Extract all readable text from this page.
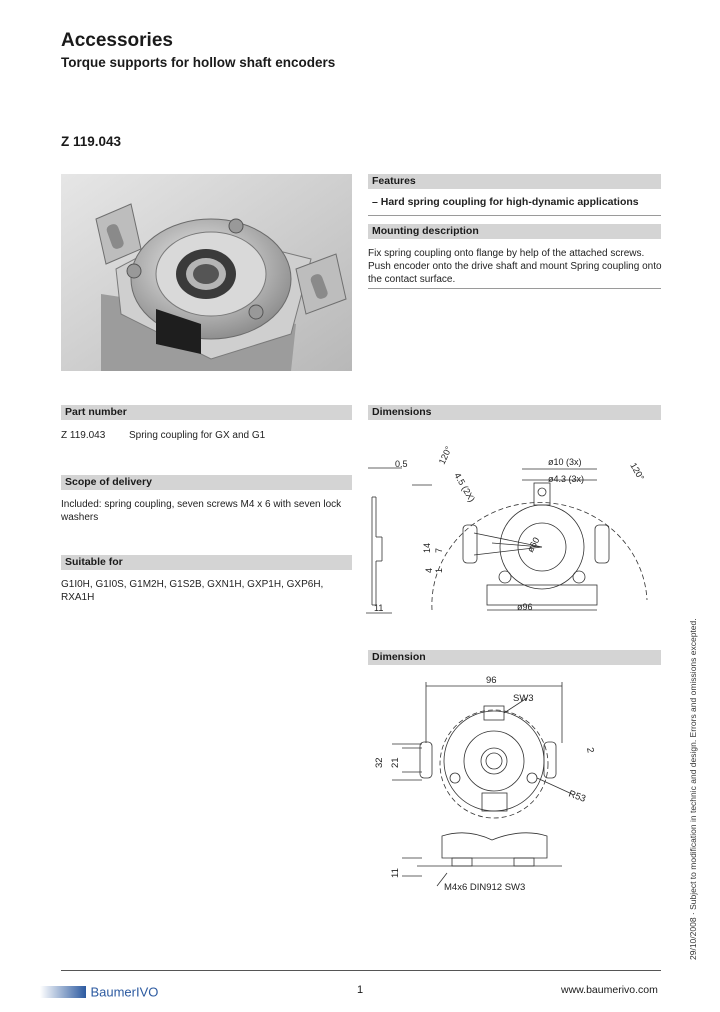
Accessories
Torque supports for hollow shaft encoders
Z 119.043
Features
– Hard spring coupling for high-dynamic applications
Mounting description
Fix spring coupling onto flange by help of the attached screws. Push encoder onto the drive shaft and mount Spring coupling onto the contact surface.
Part number
Z 119.043 Spring coupling for GX and G1
Scope of delivery
Included: spring coupling, seven screws M4 x 6 with seven lock washers
Suitable for
G1I0H, G1I0S, G1M2H, G1S2B, GXN1H, GXP1H, GXP6H, RXA1H
Dimensions
0.5	120°
120°
4.5 (2X)
ø10 (3x)
ø4.3 (3x)
14 7
4 1
ø60
ø96
11
Dimension
96
SW3
32 21
2
R53
11
M4x6 DIN912 SW3
BaumerIVO	1	www.baumerivo.com
29/10/2008 · Subject to modification in technic and design. Errors and omissions excepted.
